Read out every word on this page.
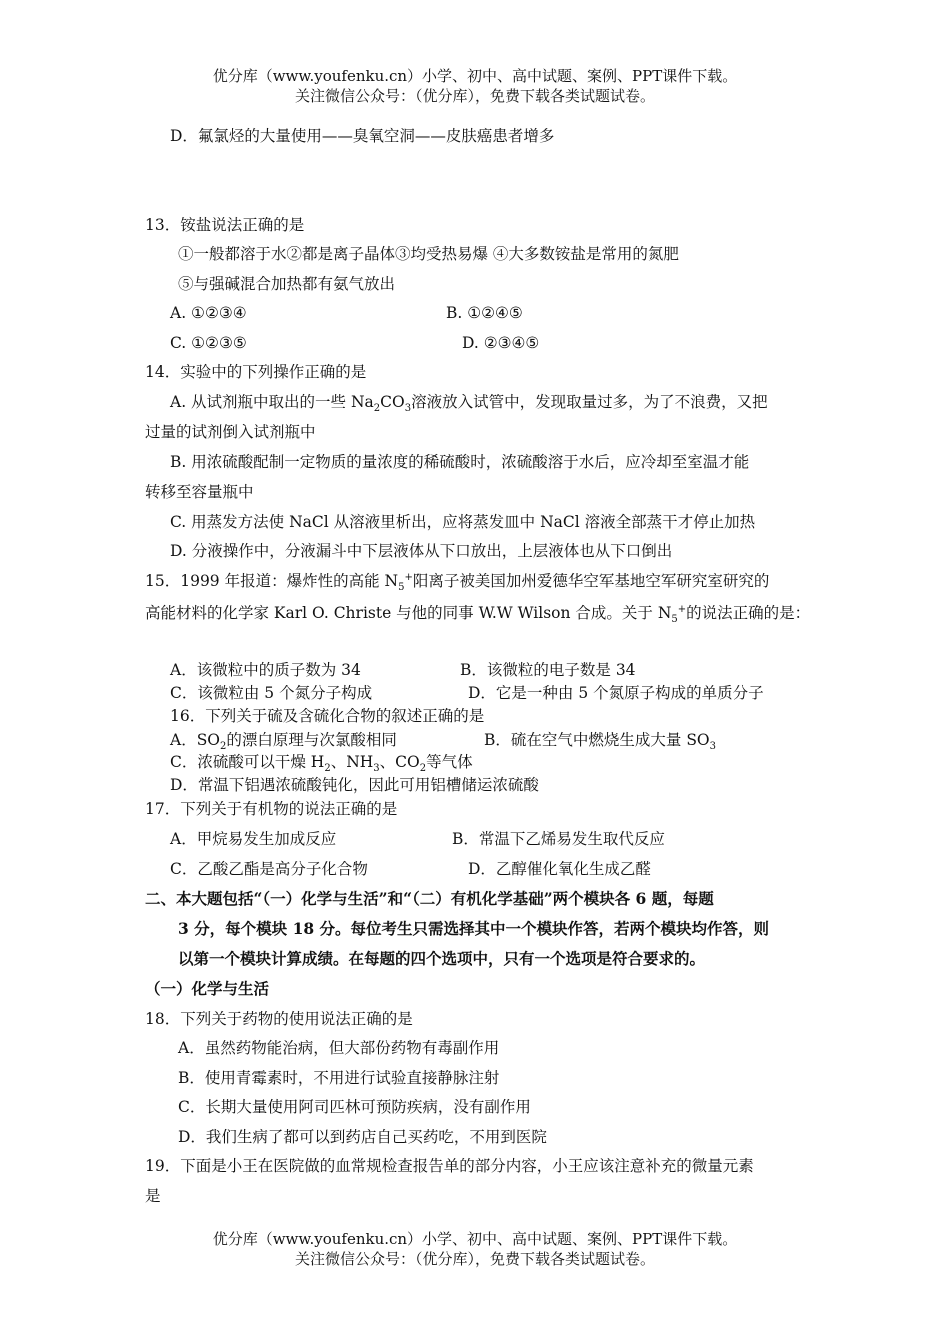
优分库（www.youfenku.cn）小学、初中、高中试题、案例、PPT课件下载。
关注微信公众号：（优分库），免费下载各类试题试卷。
D．氟氯烃的大量使用——臭氧空洞——皮肤癌患者增多
13．铵盐说法正确的是
①一般都溶于水②都是离子晶体③均受热易爆 ④大多数铵盐是常用的氮肥
⑤与强碱混合加热都有氨气放出
A. ①②③④	B. ①②④⑤
C. ①②③⑤	D. ②③④⑤
14．实验中的下列操作正确的是
A. 从试剂瓶中取出的一些 $Na_2CO_3$溶液放入试管中，发现取量过多，为了不浪费，又把
过量的试剂倒入试剂瓶中
B. 用浓硫酸配制一定物质的量浓度的稀硫酸时，浓硫酸溶于水后，应冷却至室温才能
转移至容量瓶中
C. 用蒸发方法使 NaCl 从溶液里析出，应将蒸发皿中 NaCl 溶液全部蒸干才停止加热
D. 分液操作中，分液漏斗中下层液体从下口放出，上层液体也从下口倒出
15．1999 年报道：爆炸性的高能 $N_5^+$阳离子被美国加州爱德华空军基地空军研究室研究的
高能材料的化学家 Karl O. Christe 与他的同事 W.W Wilson 合成。关于 $N_5^+$的说法正确的是：
A．该微粒中的质子数为 34	B．该微粒的电子数是 34
C．该微粒由 5 个氮分子构成	D．它是一种由 5 个氮原子构成的单质分子
16．下列关于硫及含硫化合物的叙述正确的是
A．$SO_2$的漂白原理与次氯酸相同	B．硫在空气中燃烧生成大量 $SO_3$
C．浓硫酸可以干燥 $H_2$、$NH_3$、$CO_2$等气体
D．常温下铝遇浓硫酸钝化，因此可用铝槽储运浓硫酸
17．下列关于有机物的说法正确的是
A．甲烷易发生加成反应	B．常温下乙烯易发生取代反应
C．乙酸乙酯是高分子化合物	D．乙醇催化氧化生成乙醛
二、本大题包括“（一）化学与生活”和“（二）有机化学基础”两个模块各 6 题，每题
3 分，每个模块 18 分。每位考生只需选择其中一个模块作答，若两个模块均作答，则
以第一个模块计算成绩。在每题的四个选项中，只有一个选项是符合要求的。
（一）化学与生活
18．下列关于药物的使用说法正确的是
A．虽然药物能治病，但大部份药物有毒副作用
B．使用青霉素时，不用进行试验直接静脉注射
C．长期大量使用阿司匹林可预防疾病，没有副作用
D．我们生病了都可以到药店自己买药吃，不用到医院
19．下面是小王在医院做的血常规检查报告单的部分内容，小王应该注意补充的微量元素
是
优分库（www.youfenku.cn）小学、初中、高中试题、案例、PPT课件下载。
关注微信公众号：（优分库），免费下载各类试题试卷。
